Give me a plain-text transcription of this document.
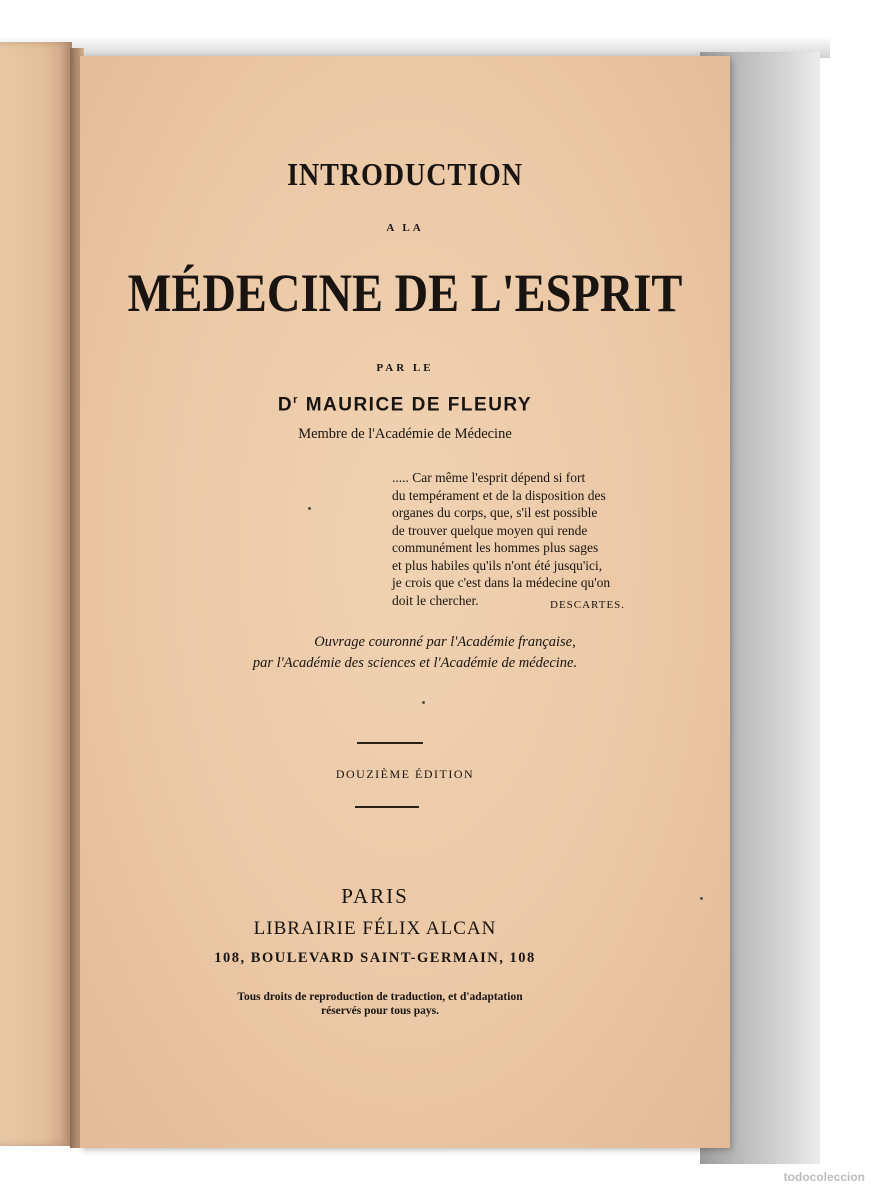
INTRODUCTION
A LA
MÉDECINE DE L'ESPRIT
PAR LE
$D^r$ MAURICE DE FLEURY
Membre de l'Académie de Médecine

..... Car même l'esprit dépend si fort

du tempérament et de la disposition des

organes du corps, que, s'il est possible

de trouver quelque moyen qui rende

communément les hommes plus sages

et plus habiles qu'ils n'ont été jusqu'ici,

je crois que c'est dans la médecine qu'on

doit le chercher.	DESCARTES.
Ouvrage couronné par l'Académie française,
par l'Académie des sciences et l'Académie de médecine.
DOUZIÈME ÉDITION
PARIS
LIBRAIRIE FÉLIX ALCAN
108, BOULEVARD SAINT-GERMAIN, 108

Tous droits de reproduction de traduction, et d'adaptation

réservés pour tous pays.

todocoleccion
